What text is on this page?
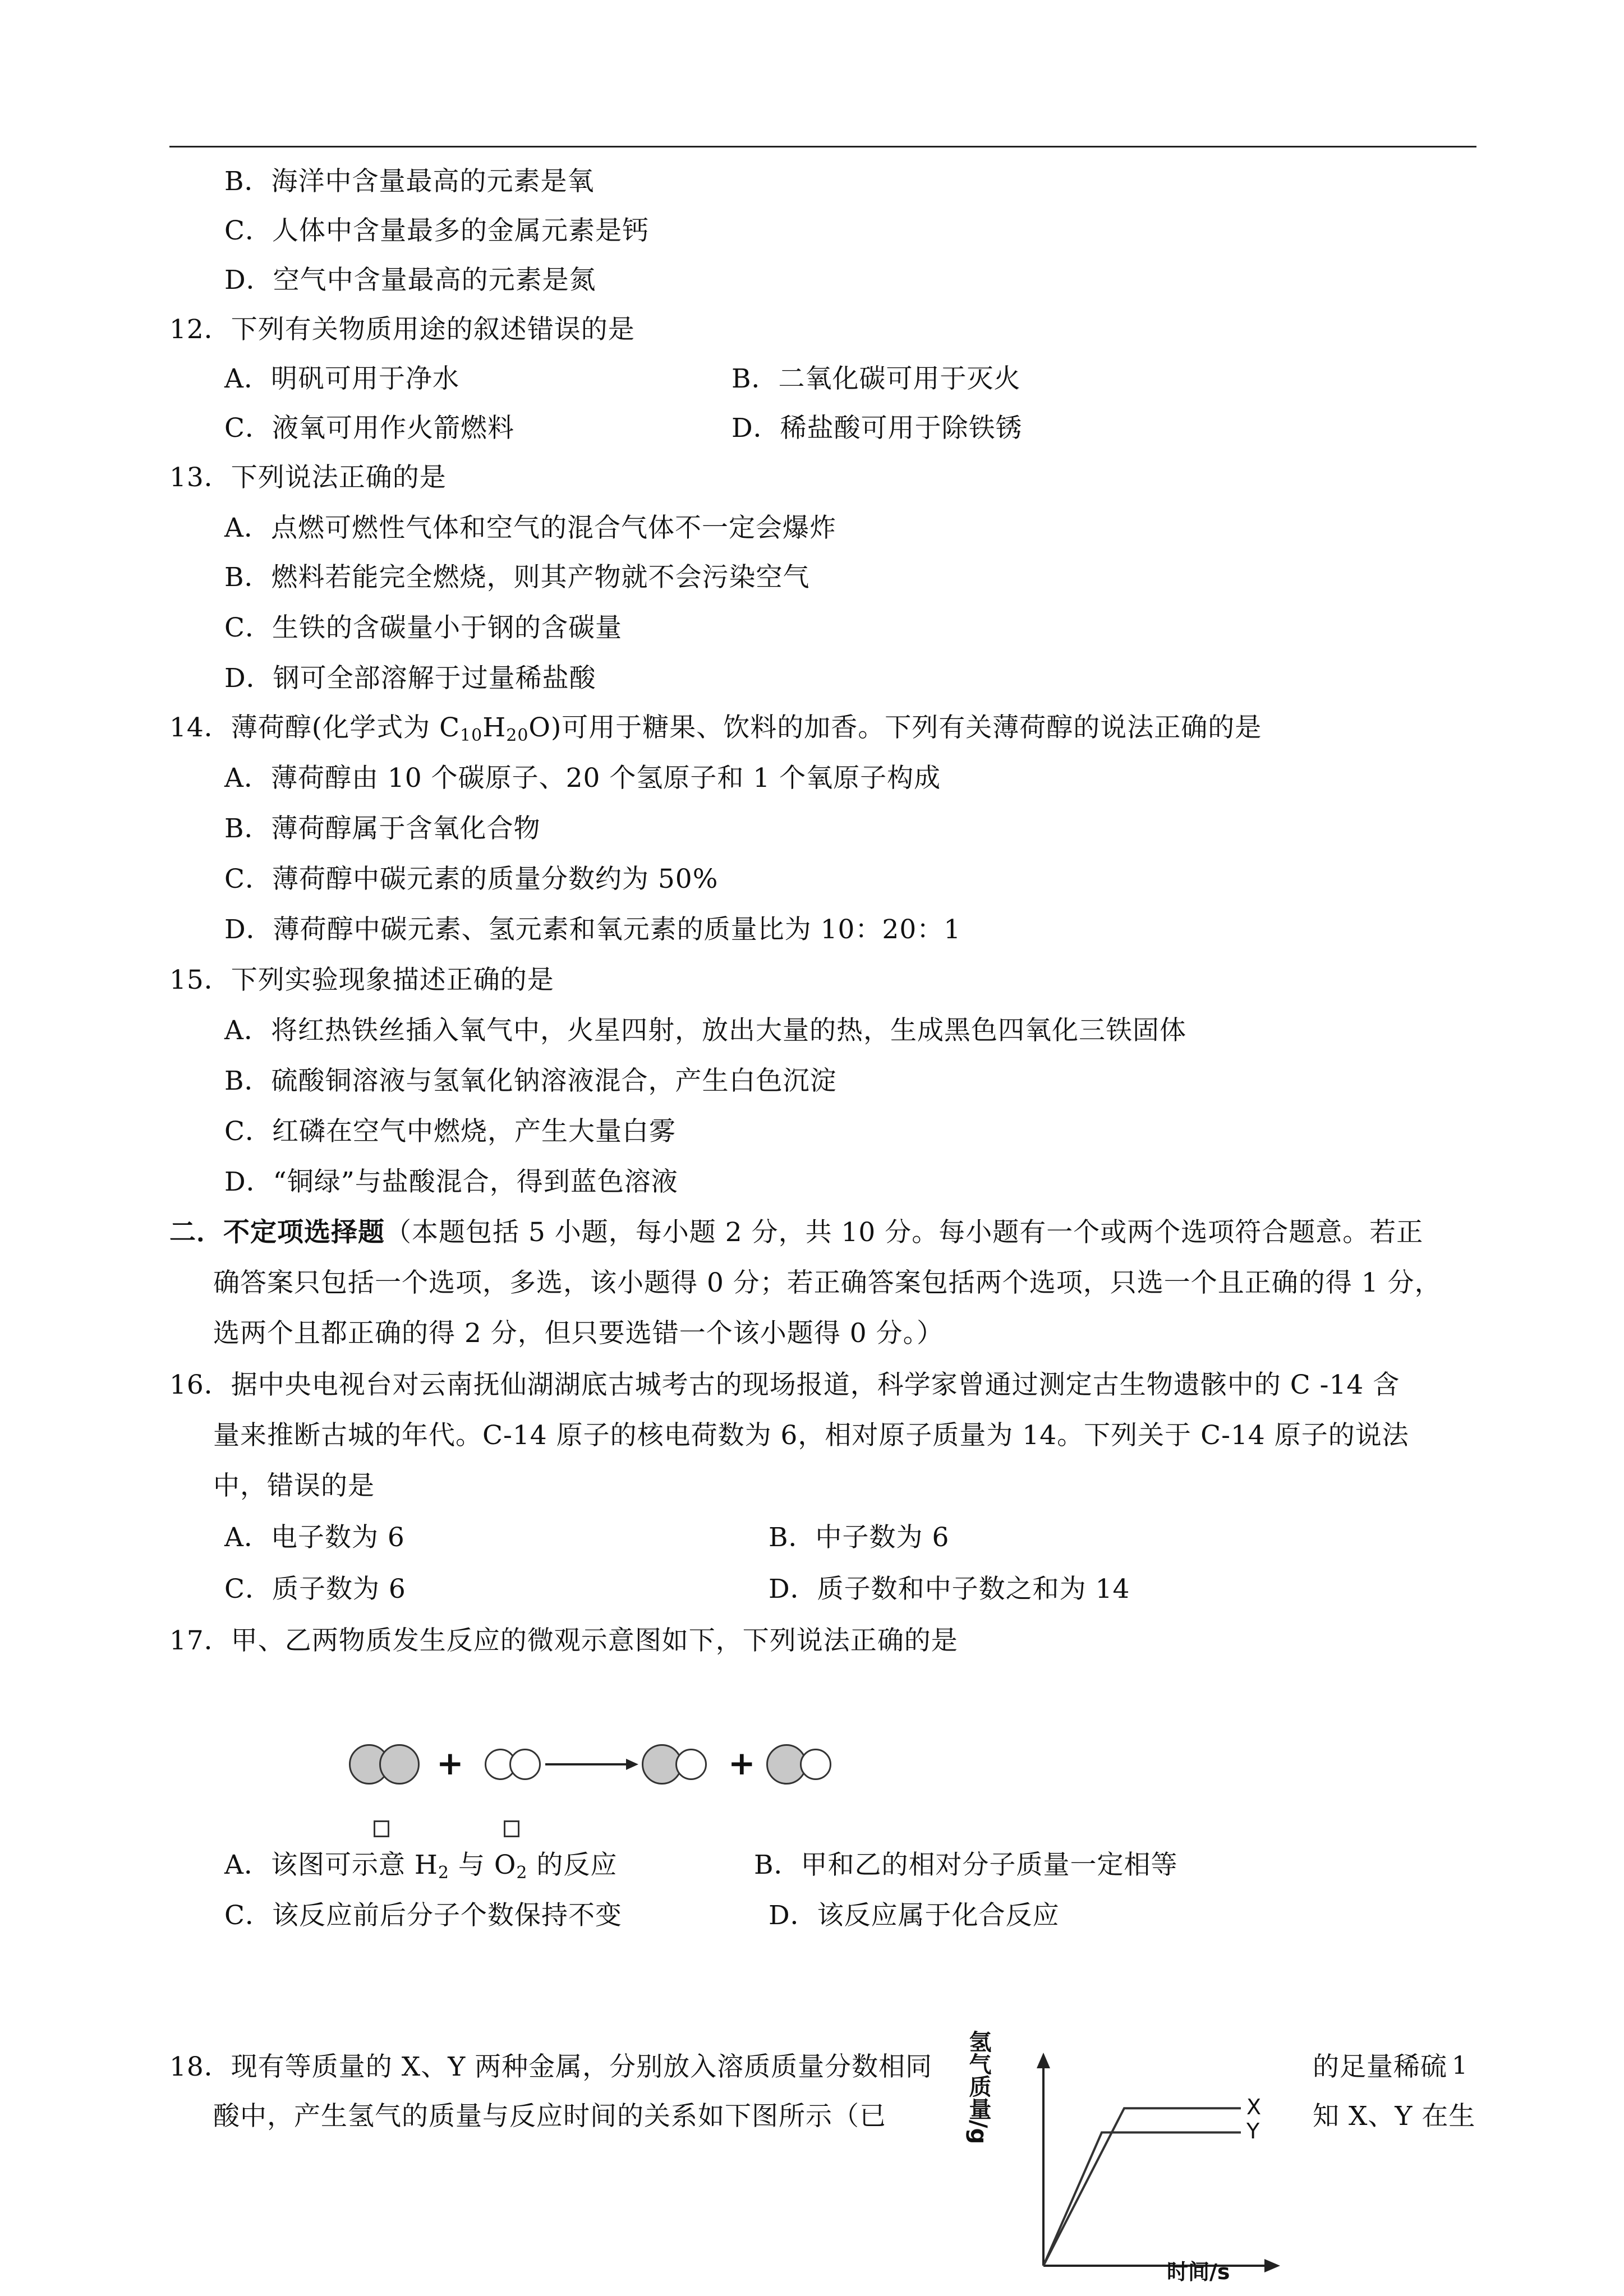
B．海洋中含量最高的元素是氧
C．人体中含量最多的金属元素是钙
D．空气中含量最高的元素是氮
12．下列有关物质用途的叙述错误的是
A．明矾可用于净水	B．二氧化碳可用于灭火
C．液氧可用作火箭燃料	D．稀盐酸可用于除铁锈
13．下列说法正确的是
A．点燃可燃性气体和空气的混合气体不一定会爆炸
B．燃料若能完全燃烧，则其产物就不会污染空气
C．生铁的含碳量小于钢的含碳量
D．钢可全部溶解于过量稀盐酸
14．薄荷醇(化学式为 $C_{10}H_{20}O$)可用于糖果、饮料的加香。下列有关薄荷醇的说法正确的是
A．薄荷醇由 10 个碳原子、20 个氢原子和 1 个氧原子构成
B．薄荷醇属于含氧化合物
C．薄荷醇中碳元素的质量分数约为 50%
D．薄荷醇中碳元素、氢元素和氧元素的质量比为 10：20：1
15．下列实验现象描述正确的是
A．将红热铁丝插入氧气中，火星四射，放出大量的热，生成黑色四氧化三铁固体
B．硫酸铜溶液与氢氧化钠溶液混合，产生白色沉淀
C．红磷在空气中燃烧，产生大量白雾
D．“铜绿”与盐酸混合，得到蓝色溶液
二．不定项选择题（本题包括 5 小题，每小题 2 分，共 10 分。每小题有一个或两个选项符合题意。若正
确答案只包括一个选项，多选，该小题得 0 分；若正确答案包括两个选项，只选一个且正确的得 1 分，
选两个且都正确的得 2 分，但只要选错一个该小题得 0 分。）
16．据中央电视台对云南抚仙湖湖底古城考古的现场报道，科学家曾通过测定古生物遗骸中的 C -14 含
量来推断古城的年代。C-14 原子的核电荷数为 6，相对原子质量为 14。下列关于 C-14 原子的说法
中，错误的是
A．电子数为 6	B．中子数为 6
C．质子数为 6	D．质子数和中子数之和为 14
17．甲、乙两物质发生反应的微观示意图如下，下列说法正确的是
+	+
A．该图可示意 $H_2$ 与 $O_2$ 的反应	B．甲和乙的相对分子质量一定相等
C．该反应前后分子个数保持不变	D．该反应属于化合反应
18．现有等质量的 X、Y 两种金属，分别放入溶质质量分数相同	的足量稀硫
酸中，产生氢气的质量与反应时间的关系如下图所示（已	知 X、Y 在生
氢气质量/g
时间/s
X
Y
1
